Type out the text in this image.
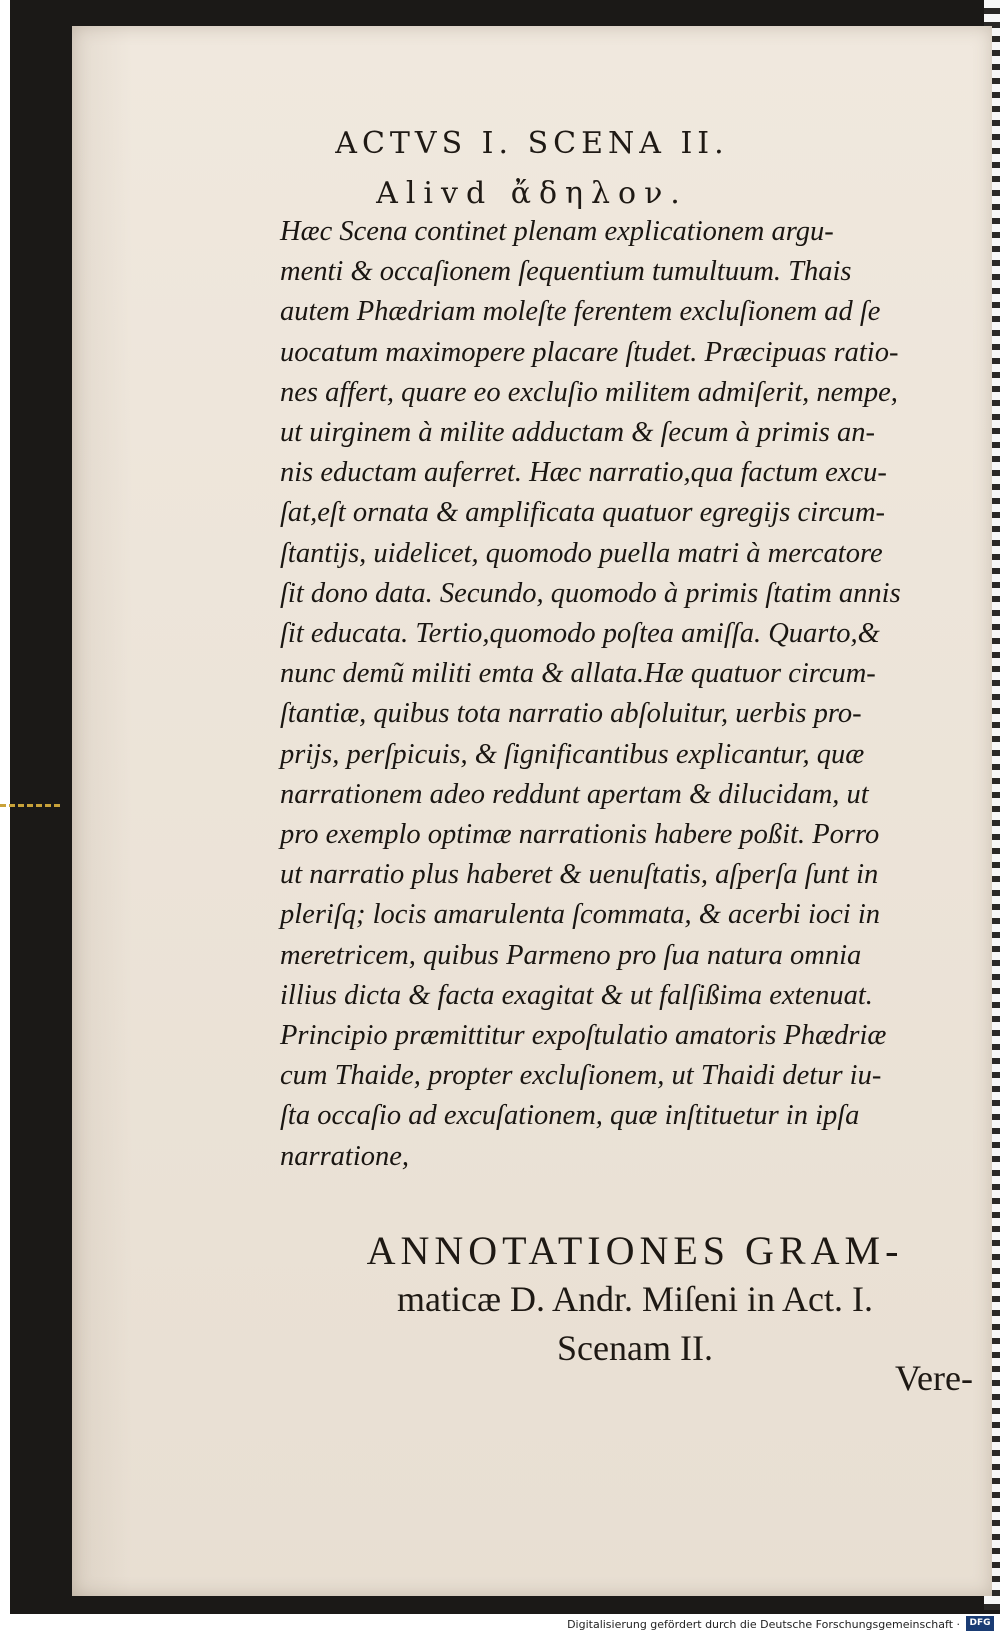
ACTVS I. SCENA II.
Alivd ἄδηλον.
Hæc Scena continet plenam explicationem argu-
menti & occaſionem ſequentium tumultuum. Thais
autem Phædriam moleſte ferentem excluſionem ad ſe
uocatum maximopere placare ſtudet. Præcipuas ratio-
nes affert, quare eo excluſio militem admiſerit, nempe,
ut uirginem à milite adductam & ſecum à primis an-
nis eductam auferret. Hæc narratio,qua factum excu-
ſat,eſt ornata & amplificata quatuor egregijs circum-
ſtantijs, uidelicet, quomodo puella matri à mercatore
ſit dono data. Secundo, quomodo à primis ſtatim annis
ſit educata. Tertio,quomodo poſtea amiſſa. Quarto,&
nunc demũ militi emta & allata.Hæ quatuor circum-
ſtantiæ, quibus tota narratio abſoluitur, uerbis pro-
prijs, perſpicuis, & ſignificantibus explicantur, quæ
narrationem adeo reddunt apertam & dilucidam, ut
pro exemplo optimæ narrationis habere poßit. Porro
ut narratio plus haberet & uenuſtatis, aſperſa ſunt in
pleriſq; locis amarulenta ſcommata, & acerbi ioci in
meretricem, quibus Parmeno pro ſua natura omnia
illius dicta & facta exagitat & ut falſißima extenuat.
Principio præmittitur expoſtulatio amatoris Phædriæ
cum Thaide, propter excluſionem, ut Thaidi detur iu-
ſta occaſio ad excuſationem, quæ inſtituetur in ipſa
narratione,
ANNOTATIONES GRAM-
maticæ D. Andr. Miſeni in Act. I.
Scenam II.
Vere-
Digitalisierung gefördert durch die Deutsche Forschungsgemeinschaft ·	DFG
